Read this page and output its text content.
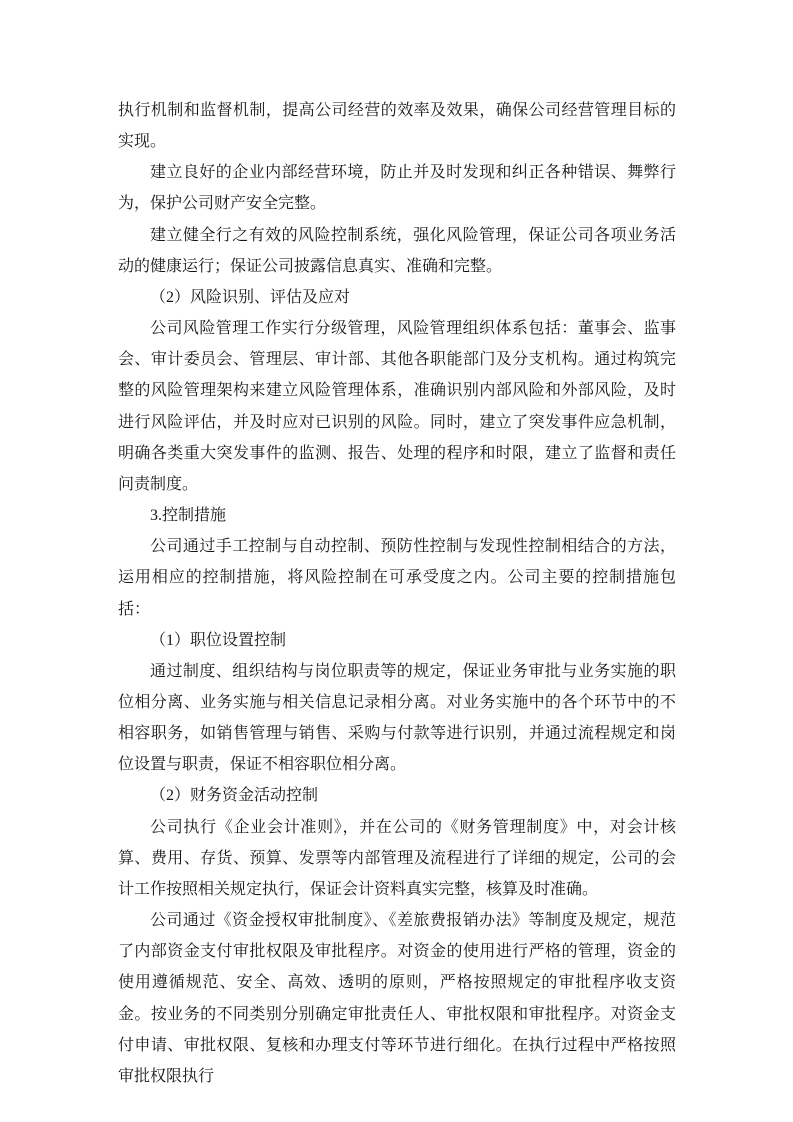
执行机制和监督机制，提高公司经营的效率及效果，确保公司经营管理目标的实现。

建立良好的企业内部经营环境，防止并及时发现和纠正各种错误、舞弊行为，保护公司财产安全完整。

建立健全行之有效的风险控制系统，强化风险管理，保证公司各项业务活动的健康运行；保证公司披露信息真实、准确和完整。

（2）风险识别、评估及应对

公司风险管理工作实行分级管理，风险管理组织体系包括：董事会、监事会、审计委员会、管理层、审计部、其他各职能部门及分支机构。通过构筑完整的风险管理架构来建立风险管理体系，准确识别内部风险和外部风险，及时进行风险评估，并及时应对已识别的风险。同时，建立了突发事件应急机制，明确各类重大突发事件的监测、报告、处理的程序和时限，建立了监督和责任问责制度。

3.控制措施

公司通过手工控制与自动控制、预防性控制与发现性控制相结合的方法，运用相应的控制措施，将风险控制在可承受度之内。公司主要的控制措施包括：

（1）职位设置控制

通过制度、组织结构与岗位职责等的规定，保证业务审批与业务实施的职位相分离、业务实施与相关信息记录相分离。对业务实施中的各个环节中的不相容职务，如销售管理与销售、采购与付款等进行识别，并通过流程规定和岗位设置与职责，保证不相容职位相分离。

（2）财务资金活动控制

公司执行《企业会计准则》，并在公司的《财务管理制度》中，对会计核算、费用、存货、预算、发票等内部管理及流程进行了详细的规定，公司的会计工作按照相关规定执行，保证会计资料真实完整，核算及时准确。

公司通过《资金授权审批制度》、《差旅费报销办法》等制度及规定，规范了内部资金支付审批权限及审批程序。对资金的使用进行严格的管理，资金的使用遵循规范、安全、高效、透明的原则，严格按照规定的审批程序收支资金。按业务的不同类别分别确定审批责任人、审批权限和审批程序。对资金支付申请、审批权限、复核和办理支付等环节进行细化。在执行过程中严格按照审批权限执行
